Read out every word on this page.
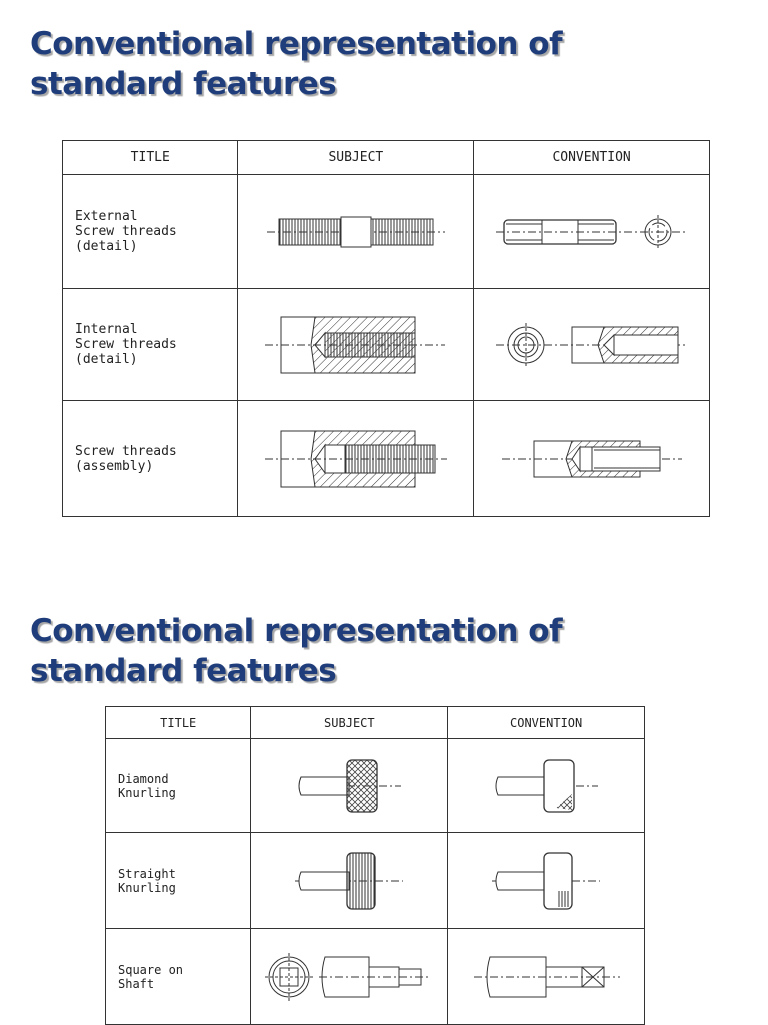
Conventional representation of
standard features
TITLE	SUBJECT	CONVENTION
External
Screw threads
(detail)	

Internal
Screw threads
(detail)	

Screw threads
(assembly)	

Conventional representation of
standard features
TITLE	SUBJECT	CONVENTION
Diamond
Knurling	

Straight
Knurling	

Square on
Shaft	
